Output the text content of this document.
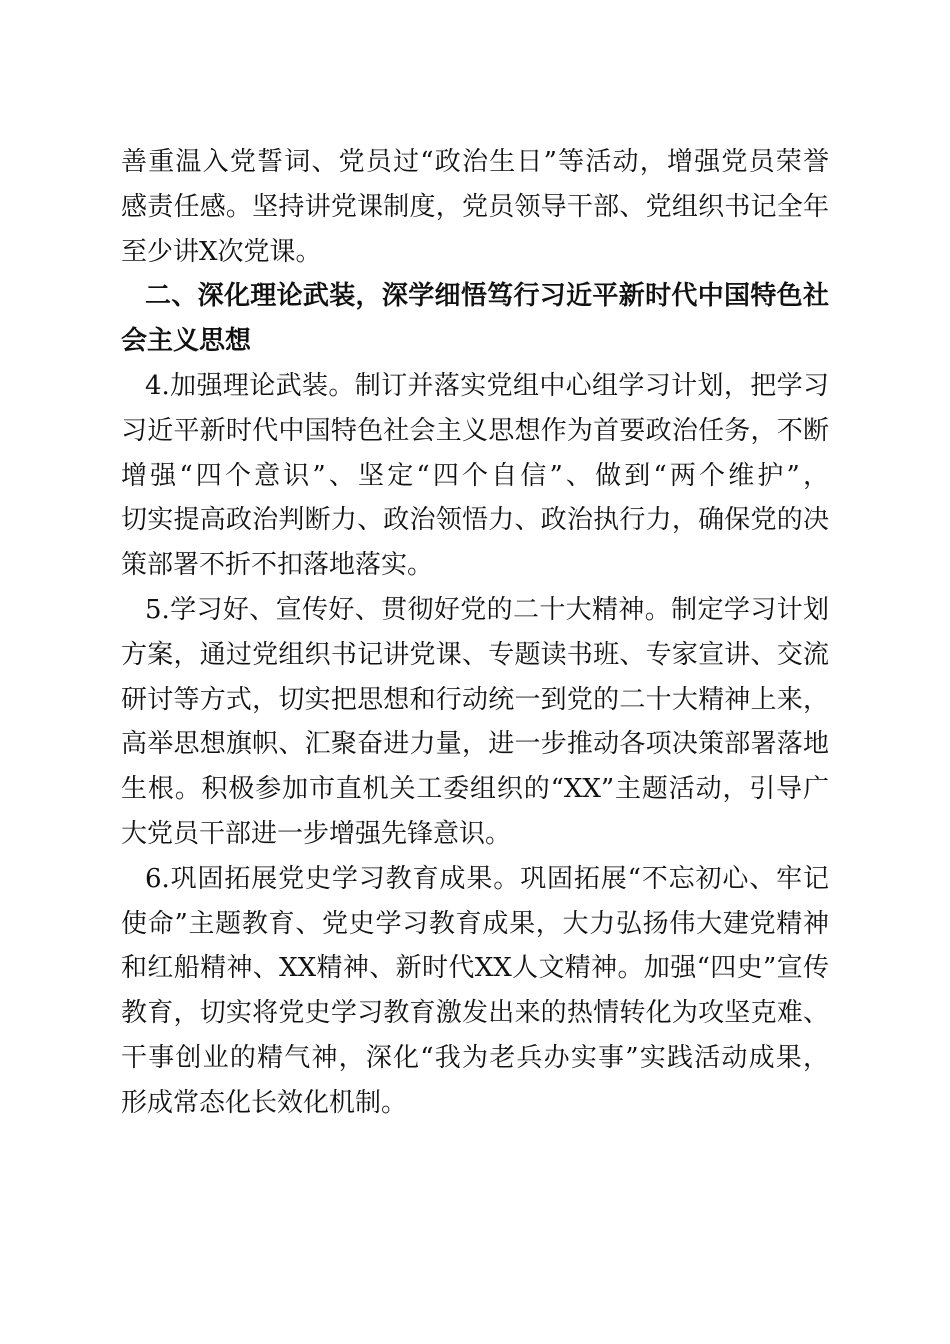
善重温入党誓词、党员过“政治生日”等活动，增强党员荣誉
感责任感。坚持讲党课制度，党员领导干部、党组织书记全年
至少讲X次党课。
二、深化理论武装，深学细悟笃行习近平新时代中国特色社
会主义思想
4.加强理论武装。制订并落实党组中心组学习计划，把学习
习近平新时代中国特色社会主义思想作为首要政治任务，不断
增强“四个意识”、坚定“四个自信”、做到“两个维护”，
切实提高政治判断力、政治领悟力、政治执行力，确保党的决
策部署不折不扣落地落实。
5.学习好、宣传好、贯彻好党的二十大精神。制定学习计划
方案，通过党组织书记讲党课、专题读书班、专家宣讲、交流
研讨等方式，切实把思想和行动统一到党的二十大精神上来，
高举思想旗帜、汇聚奋进力量，进一步推动各项决策部署落地
生根。积极参加市直机关工委组织的“XX”主题活动，引导广
大党员干部进一步增强先锋意识。
6.巩固拓展党史学习教育成果。巩固拓展“不忘初心、牢记
使命”主题教育、党史学习教育成果，大力弘扬伟大建党精神
和红船精神、XX精神、新时代XX人文精神。加强“四史”宣传
教育，切实将党史学习教育激发出来的热情转化为攻坚克难、
干事创业的精气神，深化“我为老兵办实事”实践活动成果，
形成常态化长效化机制。
